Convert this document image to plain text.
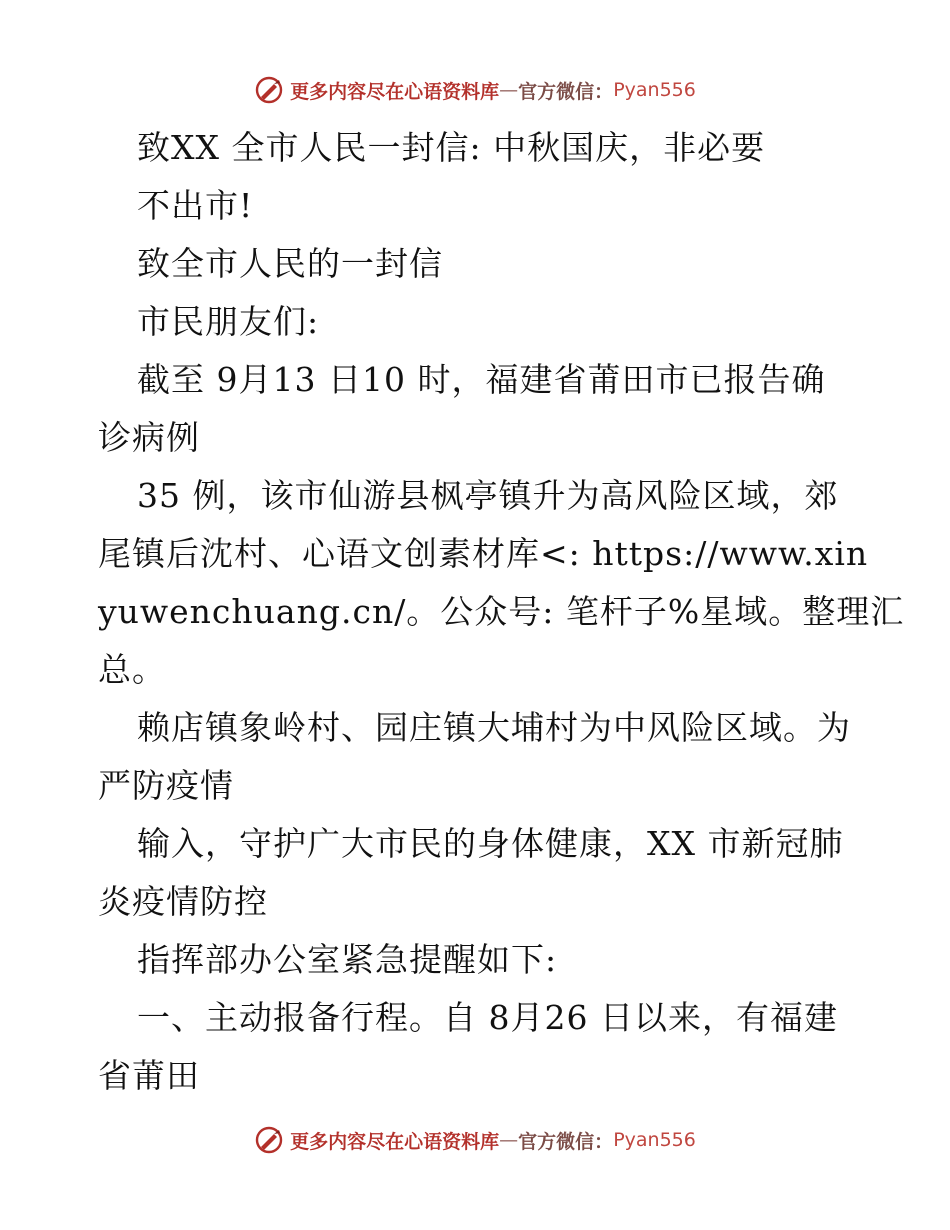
更多内容尽在心语资料库 — 官方微信： Pyan556
致XX 全市人民一封信: 中秋国庆，非必要
不出市!
致全市人民的一封信
市民朋友们:
截至 9月13 日10 时，福建省莆田市已报告确
诊病例
35 例，该市仙游县枫亭镇升为高风险区域，郊
尾镇后沈村、心语文创素材库<: https://www.xin
yuwenchuang.cn/。公众号: 笔杆子%星域。整理汇
总。
赖店镇象岭村、园庄镇大埔村为中风险区域。为
严防疫情
输入，守护广大市民的身体健康，XX 市新冠肺
炎疫情防控
指挥部办公室紧急提醒如下:
一、主动报备行程。自 8月26 日以来，有福建
省莆田
更多内容尽在心语资料库 — 官方微信： Pyan556
